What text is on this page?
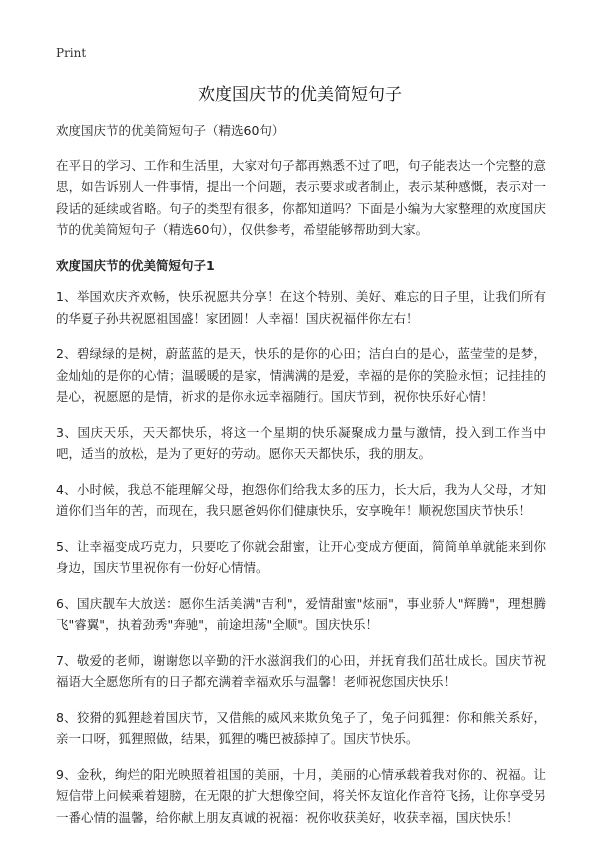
Print
欢度国庆节的优美简短句子

欢度国庆节的优美简短句子（精选60句）

在平日的学习、工作和生活里，大家对句子都再熟悉不过了吧，句子能表达一个完整的意思，如告诉别人一件事情，提出一个问题，表示要求或者制止，表示某种感慨，表示对一段话的延续或省略。句子的类型有很多，你都知道吗？下面是小编为大家整理的欢度国庆节的优美简短句子（精选60句），仅供参考，希望能够帮助到大家。

欢度国庆节的优美简短句子1

1、举国欢庆齐欢畅，快乐祝愿共分享！在这个特别、美好、难忘的日子里，让我们所有的华夏子孙共祝愿祖国盛！家团圆！人幸福！国庆祝福伴你左右！

2、碧绿绿的是树，蔚蓝蓝的是天，快乐的是你的心田；洁白白的是心，蓝莹莹的是梦，金灿灿的是你的心情；温暖暖的是家，情满满的是爱，幸福的是你的笑脸永恒；记挂挂的是心，祝愿愿的是情，祈求的是你永远幸福随行。国庆节到，祝你快乐好心情！

3、国庆天乐，天天都快乐，将这一个星期的快乐凝聚成力量与激情，投入到工作当中吧，适当的放松，是为了更好的劳动。愿你天天都快乐，我的朋友。

4、小时候，我总不能理解父母，抱怨你们给我太多的压力，长大后，我为人父母，才知道你们当年的苦，而现在，我只愿爸妈你们健康快乐，安享晚年！顺祝您国庆节快乐！

5、让幸福变成巧克力，只要吃了你就会甜蜜，让开心变成方便面，简简单单就能来到你身边，国庆节里祝你有一份好心情情。

6、国庆靓车大放送：愿你生活美满"吉利"，爱情甜蜜"炫丽"，事业骄人"辉腾"，理想腾飞"睿翼"，执着劲秀"奔驰"，前途坦荡"全顺"。国庆快乐！

7、敬爱的老师，谢谢您以辛勤的汗水滋润我们的心田，并抚育我们茁壮成长。国庆节祝福语大全愿您所有的日子都充满着幸福欢乐与温馨！老师祝您国庆快乐！

8、狡猾的狐狸趁着国庆节，又借熊的威风来欺负兔子了，兔子问狐狸：你和熊关系好，亲一口呀，狐狸照做，结果，狐狸的嘴巴被舔掉了。国庆节快乐。

9、金秋，绚烂的阳光映照着祖国的美丽，十月，美丽的心情承载着我对你的、祝福。让短信带上问候乘着翅膀，在无限的扩大想像空间，将关怀友谊化作音符飞扬，让你享受另一番心情的温馨，给你献上朋友真诚的祝福：祝你收获美好，收获幸福，国庆快乐！
